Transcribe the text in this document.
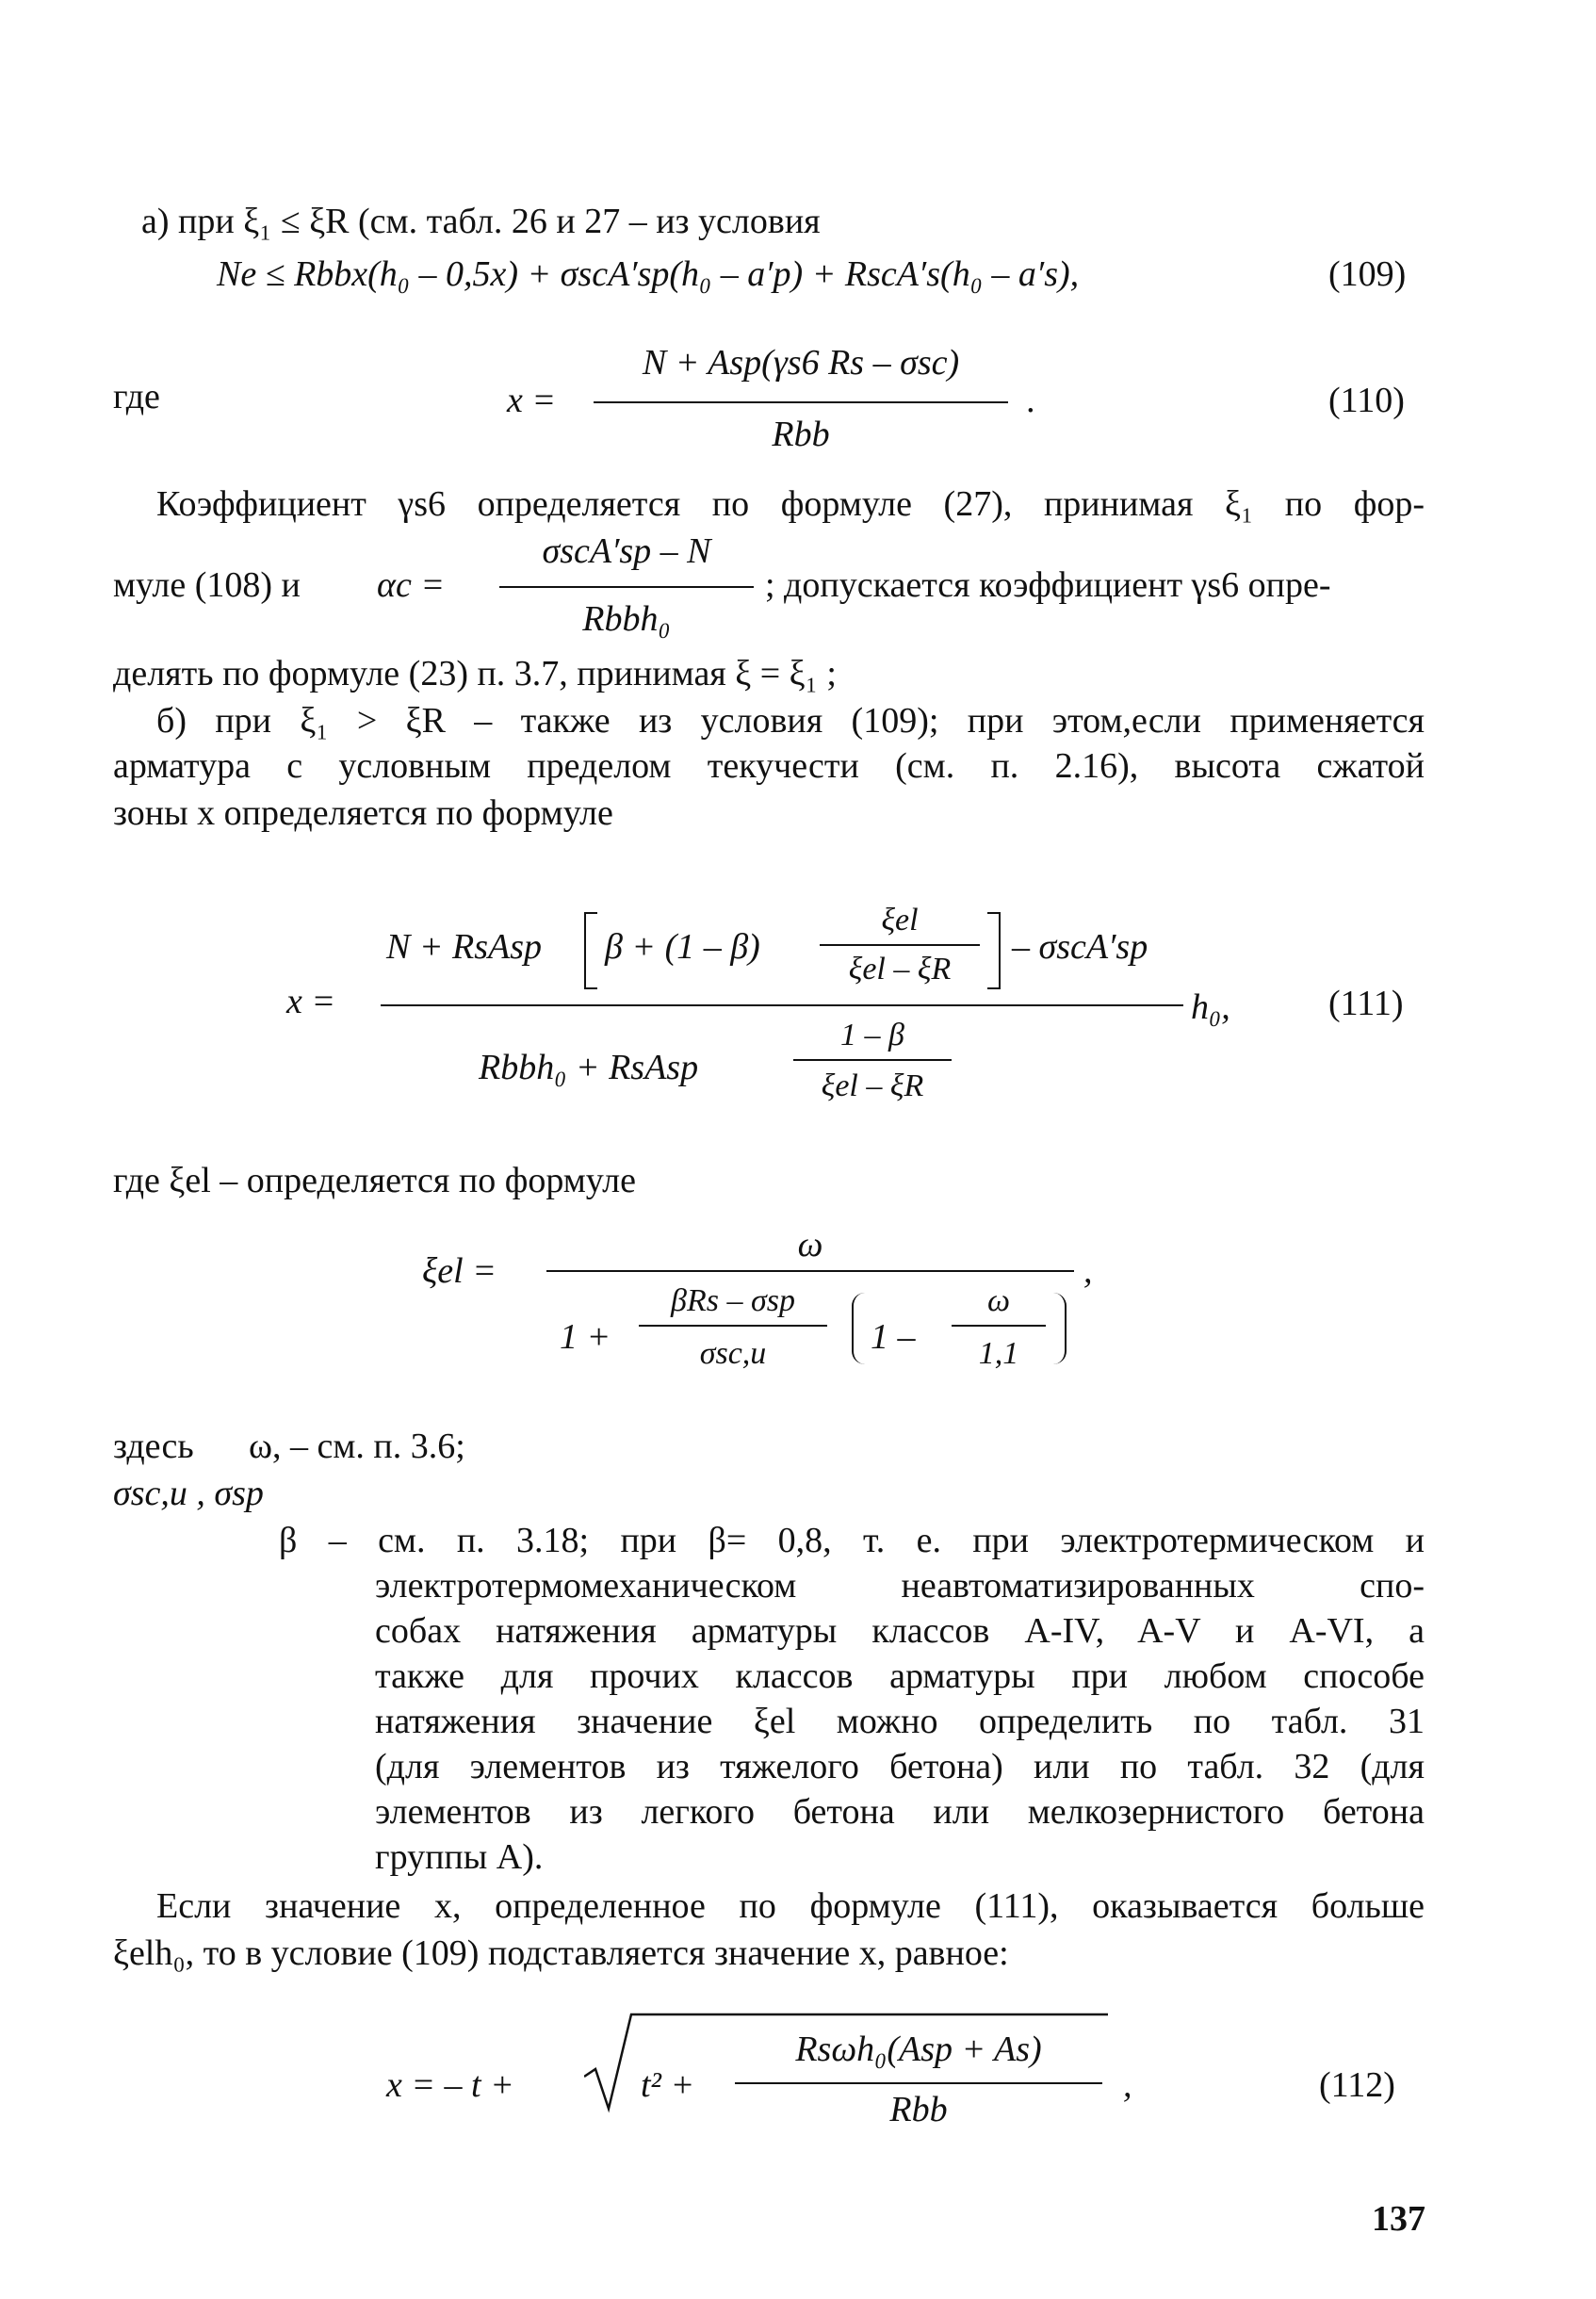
а) при ξ₁ ≤ ξR (см. табл. 26 и 27 – из условия
Ne ≤ Rbbx(h₀ – 0,5x) + σscA′sp(h₀ – a′p) + RscA′s(h₀ – a′s),	(109)
где	x =
N + Asp(γs6 Rs – σsc)
Rbb
.	(110)
Коэффициент γs6 определяется по формуле (27), принимая ξ₁ по фор-
муле (108) и αc =
σscA′sp – N
Rbbh₀
; допускается коэффициент γs6 опре-
делять по формуле (23) п. 3.7, принимая ξ = ξ₁ ;
б) при ξ₁ > ξR – также из условия (109); при этом,если применяется
арматура с условным пределом текучести (см. п. 2.16), высота сжатой
зоны x определяется по формуле
x =
N + RsAsp β + (1 – β)
ξel
ξel – ξR
– σscA′sp
Rbbh₀ + RsAsp
1 – β
ξel – ξR
h₀,	(111)
где ξel – определяется по формуле
ξel =
ω
1 +
βRs – σsp
σsc,u	1 –
ω
1,1
,
здесь ω, – см. п. 3.6;
σsc,u , σsp
β – см. п. 3.18; при β= 0,8, т. е. при электротермическом и
электротермомеханическом неавтоматизированных спо-
собах натяжения арматуры классов A-IV, A-V и A-VI, а
также для прочих классов арматуры при любом способе
натяжения значение ξel можно определить по табл. 31
(для элементов из тяжелого бетона) или по табл. 32 (для
элементов из легкого бетона или мелкозернистого бетона
группы А).
Если значение x, определенное по формуле (111), оказывается больше
ξelh₀, то в условие (109) подставляется значение x, равное:
x = – t +	t² +
Rsωh₀(Asp + As)
Rbb
,	(112)
137
